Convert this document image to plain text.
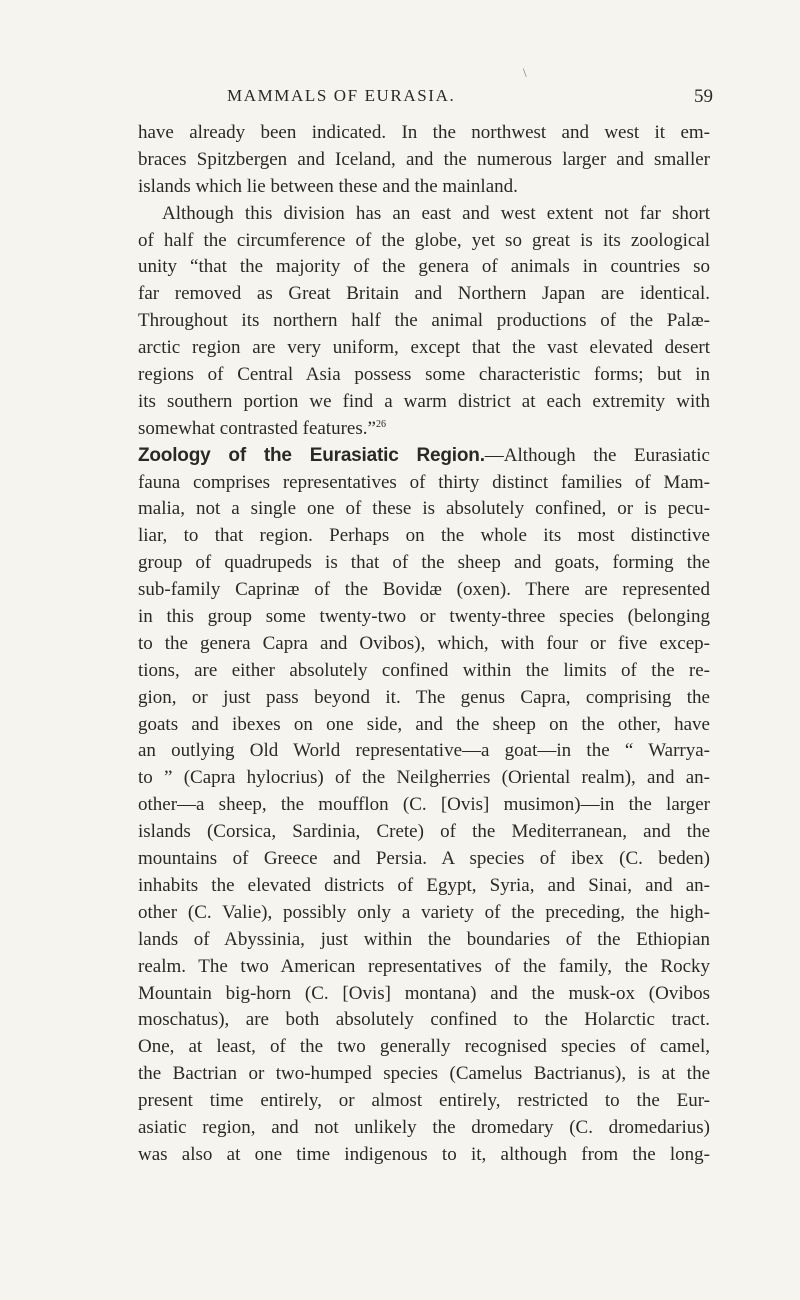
\
MAMMALS OF EURASIA.	59
have already been indicated. In the northwest and west it em-
braces Spitzbergen and Iceland, and the numerous larger and smaller
islands which lie between these and the mainland.
Although this division has an east and west extent not far short
of half the circumference of the globe, yet so great is its zoological
unity “that the majority of the genera of animals in countries so
far removed as Great Britain and Northern Japan are identical.
Throughout its northern half the animal productions of the Palæ-
arctic region are very uniform, except that the vast elevated desert
regions of Central Asia possess some characteristic forms; but in
its southern portion we find a warm district at each extremity with
somewhat contrasted features.”$^{26}$
Zoology of the Eurasiatic Region.—Although the Eurasiatic
fauna comprises representatives of thirty distinct families of Mam-
malia, not a single one of these is absolutely confined, or is pecu-
liar, to that region. Perhaps on the whole its most distinctive
group of quadrupeds is that of the sheep and goats, forming the
sub-family Caprinæ of the Bovidæ (oxen). There are represented
in this group some twenty-two or twenty-three species (belonging
to the genera Capra and Ovibos), which, with four or five excep-
tions, are either absolutely confined within the limits of the re-
gion, or just pass beyond it. The genus Capra, comprising the
goats and ibexes on one side, and the sheep on the other, have
an outlying Old World representative—a goat—in the “ Warrya-
to ” (Capra hylocrius) of the Neilgherries (Oriental realm), and an-
other—a sheep, the moufflon (C. [Ovis] musimon)—in the larger
islands (Corsica, Sardinia, Crete) of the Mediterranean, and the
mountains of Greece and Persia. A species of ibex (C. beden)
inhabits the elevated districts of Egypt, Syria, and Sinai, and an-
other (C. Valie), possibly only a variety of the preceding, the high-
lands of Abyssinia, just within the boundaries of the Ethiopian
realm. The two American representatives of the family, the Rocky
Mountain big-horn (C. [Ovis] montana) and the musk-ox (Ovibos
moschatus), are both absolutely confined to the Holarctic tract.
One, at least, of the two generally recognised species of camel,
the Bactrian or two-humped species (Camelus Bactrianus), is at the
present time entirely, or almost entirely, restricted to the Eur-
asiatic region, and not unlikely the dromedary (C. dromedarius)
was also at one time indigenous to it, although from the long-
